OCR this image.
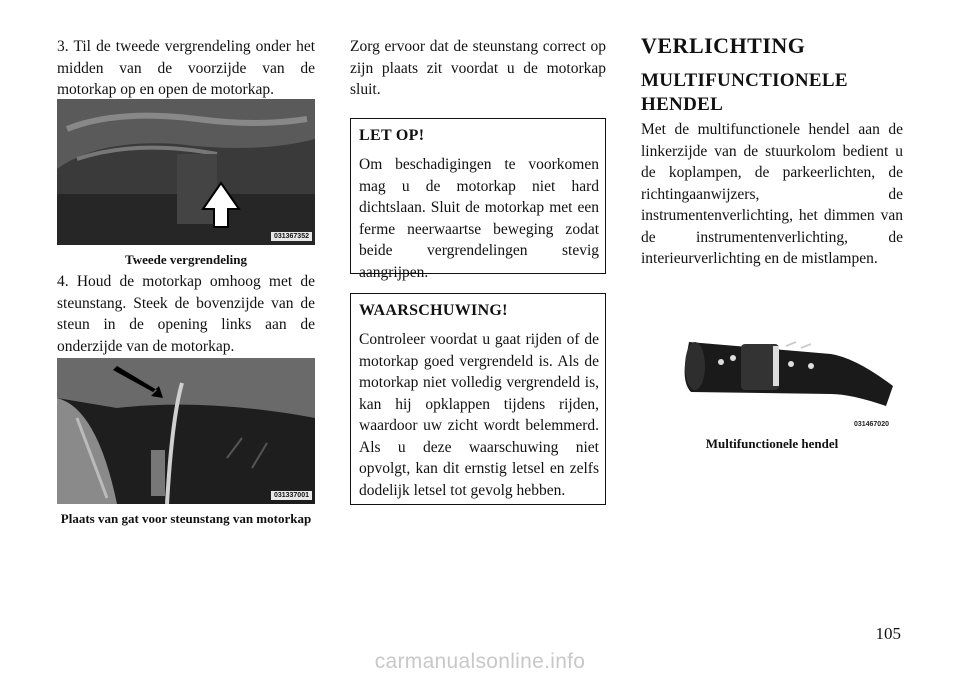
3. Til de tweede vergrendeling onder het midden van de voorzijde van de motorkap op en open de motorkap.

031367352

Tweede vergrendeling

4. Houd de motorkap omhoog met de steunstang. Steek de bovenzijde van de steun in de opening links aan de onderzijde van de motorkap.

031337001

Plaats van gat voor steunstang van motorkap

Zorg ervoor dat de steunstang correct op zijn plaats zit voordat u de motorkap sluit.

LET OP!

Om beschadigingen te voorkomen mag u de motorkap niet hard dichtslaan. Sluit de motorkap met een ferme neerwaartse beweging zodat beide vergrendelingen stevig aangrijpen.

WAARSCHUWING!

Controleer voordat u gaat rijden of de motorkap goed vergrendeld is. Als de motorkap niet volledig vergrendeld is, kan hij opklappen tijdens rijden, waardoor uw zicht wordt belemmerd. Als u deze waarschuwing niet opvolgt, kan dit ernstig letsel en zelfs dodelijk letsel tot gevolg hebben.

VERLICHTING
MULTIFUNCTIONELE HENDEL

Met de multifunctionele hendel aan de linkerzijde van de stuurkolom bedient u de koplampen, de parkeerlichten, de richtingaanwijzers, de instrumentenverlichting, het dimmen van de instrumentenverlichting, de interieurverlichting en de mistlampen.

031467020

Multifunctionele hendel

105
carmanualsonline.info
